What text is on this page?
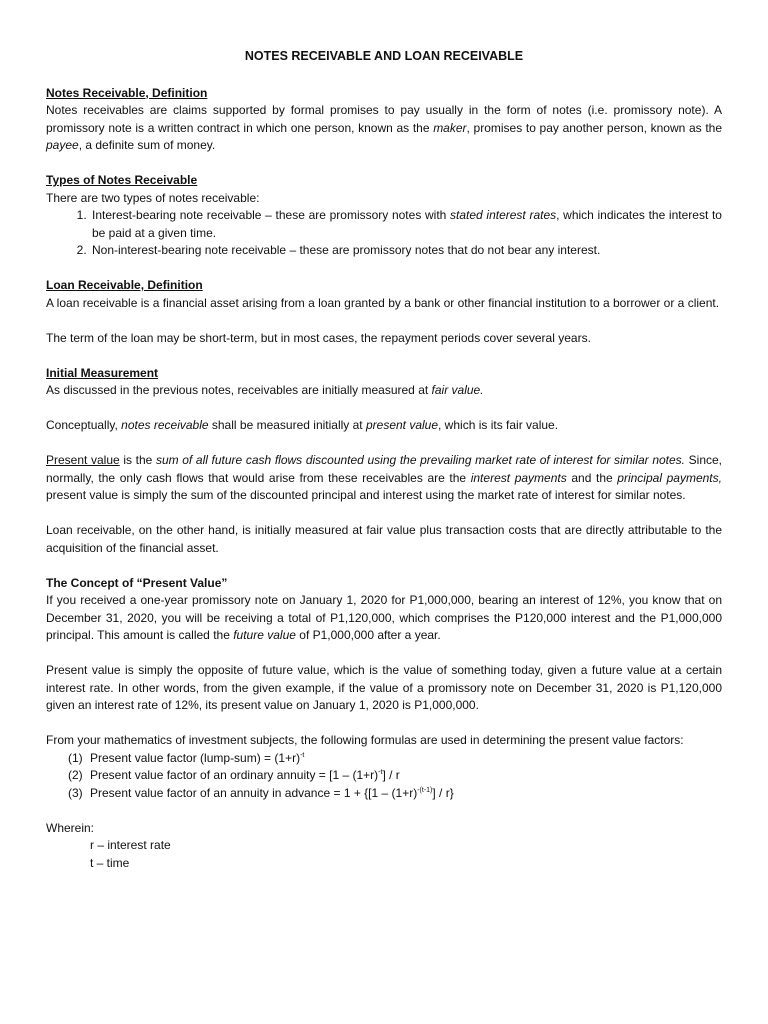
NOTES RECEIVABLE AND LOAN RECEIVABLE
Notes Receivable, Definition

Notes receivables are claims supported by formal promises to pay usually in the form of notes (i.e. promissory note). A promissory note is a written contract in which one person, known as the maker, promises to pay another person, known as the payee, a definite sum of money.

Types of Notes Receivable

There are two types of notes receivable:

1. Interest-bearing note receivable – these are promissory notes with stated interest rates, which indicates the interest to be paid at a given time.
2. Non-interest-bearing note receivable – these are promissory notes that do not bear any interest.
Loan Receivable, Definition

A loan receivable is a financial asset arising from a loan granted by a bank or other financial institution to a borrower or a client.

The term of the loan may be short-term, but in most cases, the repayment periods cover several years.

Initial Measurement

As discussed in the previous notes, receivables are initially measured at fair value.

Conceptually, notes receivable shall be measured initially at present value, which is its fair value.

Present value is the sum of all future cash flows discounted using the prevailing market rate of interest for similar notes. Since, normally, the only cash flows that would arise from these receivables are the interest payments and the principal payments, present value is simply the sum of the discounted principal and interest using the market rate of interest for similar notes.

Loan receivable, on the other hand, is initially measured at fair value plus transaction costs that are directly attributable to the acquisition of the financial asset.

The Concept of “Present Value”

If you received a one-year promissory note on January 1, 2020 for P1,000,000, bearing an interest of 12%, you know that on December 31, 2020, you will be receiving a total of P1,120,000, which comprises the P120,000 interest and the P1,000,000 principal. This amount is called the future value of P1,000,000 after a year.

Present value is simply the opposite of future value, which is the value of something today, given a future value at a certain interest rate. In other words, from the given example, if the value of a promissory note on December 31, 2020 is P1,120,000 given an interest rate of 12%, its present value on January 1, 2020 is P1,000,000.

From your mathematics of investment subjects, the following formulas are used in determining the present value factors:

(1) Present value factor (lump-sum) = $(1+r)^{-t}$
(2) Present value factor of an ordinary annuity = $[1 - (1+r)^{-t}] / r$
(3) Present value factor of an annuity in advance = $1 + \{[1 - (1+r)^{-(t-1)}] / r\}$

Wherein:

r – interest rate

t – time
